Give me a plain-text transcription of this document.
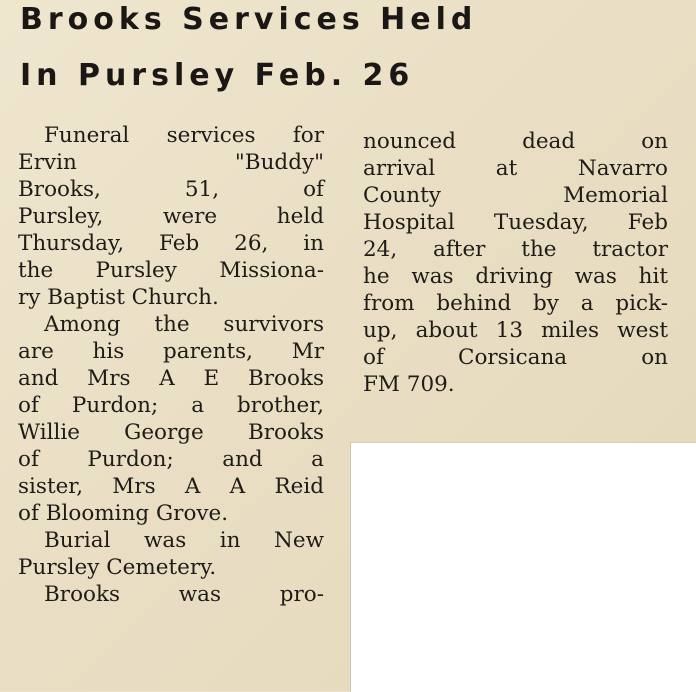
Brooks Services Held
In Pursley Feb. 26
Funeral services for
Ervin "Buddy"
Brooks, 51, of
Pursley, were held
Thursday, Feb 26, in
the Pursley Missiona-
ry Baptist Church.
Among the survivors
are his parents, Mr
and Mrs A E Brooks
of Purdon; a brother,
Willie George Brooks
of Purdon; and a
sister, Mrs A A Reid
of Blooming Grove.
Burial was in New
Pursley Cemetery.
Brooks was pro-
nounced dead on
arrival at Navarro
County Memorial
Hospital Tuesday, Feb
24, after the tractor
he was driving was hit
from behind by a pick-
up, about 13 miles west
of Corsicana on
FM 709.
